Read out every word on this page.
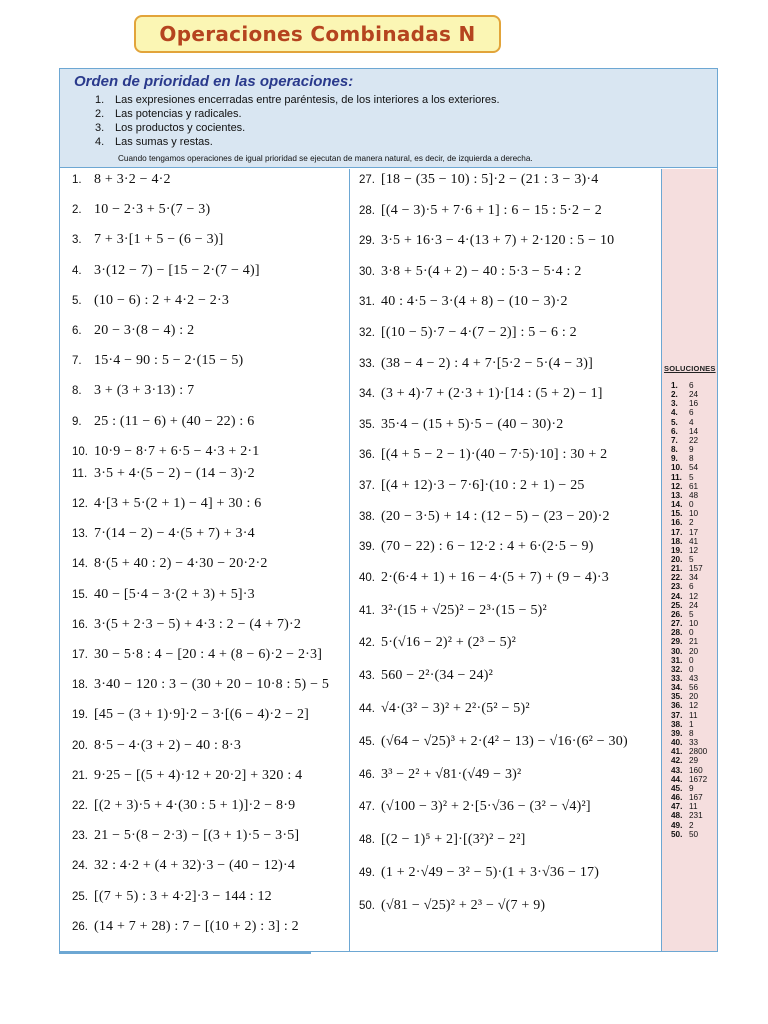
Operaciones Combinadas N
Orden de prioridad en las operaciones:
1. Las expresiones encerradas entre paréntesis, de los interiores a los exteriores.
2. Las potencias y radicales.
3. Los productos y cocientes.
4. Las sumas y restas.
Cuando tengamos operaciones de igual prioridad se ejecutan de manera natural, es decir, de izquierda a derecha.
SOLUCIONES
1.	6
2.	24
3.	16
4.	6
5.	4
6.	14
7.	22
8.	9
9.	8
10. 54
11. 5
12. 61
13. 48
14. 0
15. 10
16. 2
17. 17
18. 41
19. 12
20. 5
21. 157
22. 34
23. 6
24. 12
25. 24
26. 5
27. 10
28. 0
29. 21
30. 20
31. 0
32. 0
33. 43
34. 56
35. 20
36. 12
37. 11
38. 1
39. 8
40. 33
41. 2800
42. 29
43. 160
44. 1672
45. 9
46. 167
47. 11
48. 231
49. 2
50. 50
1. 8 + 3·2 − 4·2
2. 10 − 2·3 + 5·(7 − 3)
3. 7 + 3·[1 + 5 − (6 − 3)]
4. 3·(12 − 7) − [15 − 2·(7 − 4)]
5. (10 − 6) : 2 + 4·2 − 2·3
6. 20 − 3·(8 − 4) : 2
7. 15·4 − 90 : 5 − 2·(15 − 5)
8. 3 + (3 + 3·13) : 7
9. 25 : (11 − 6) + (40 − 22) : 6
10. 10·9 − 8·7 + 6·5 − 4·3 + 2·1
11. 3·5 + 4·(5 − 2) − (14 − 3)·2
12. 4·[3 + 5·(2 + 1) − 4] + 30 : 6
13. 7·(14 − 2) − 4·(5 + 7) + 3·4
14. 8·(5 + 40 : 2) − 4·30 − 20·2·2
15. 40 − [5·4 − 3·(2 + 3) + 5]·3
16. 3·(5 + 2·3 − 5) + 4·3 : 2 − (4 + 7)·2
17. 30 − 5·8 : 4 − [20 : 4 + (8 − 6)·2 − 2·3]
18. 3·40 − 120 : 3 − (30 + 20 − 10·8 : 5) − 5
19. [45 − (3 + 1)·9]·2 − 3·[(6 − 4)·2 − 2]
20. 8·5 − 4·(3 + 2) − 40 : 8·3
21. 9·25 − [(5 + 4)·12 + 20·2] + 320 : 4
22. [(2 + 3)·5 + 4·(30 : 5 + 1)]·2 − 8·9
23. 21 − 5·(8 − 2·3) − [(3 + 1)·5 − 3·5]
24. 32 : 4·2 + (4 + 32)·3 − (40 − 12)·4
25. [(7 + 5) : 3 + 4·2]·3 − 144 : 12
26. (14 + 7 + 28) : 7 − [(10 + 2) : 3] : 2
27. [18 − (35 − 10) : 5]·2 − (21 : 3 − 3)·4
28. [(4 − 3)·5 + 7·6 + 1] : 6 − 15 : 5·2 − 2
29. 3·5 + 16·3 − 4·(13 + 7) + 2·120 : 5 − 10
30. 3·8 + 5·(4 + 2) − 40 : 5·3 − 5·4 : 2
31. 40 : 4·5 − 3·(4 + 8) − (10 − 3)·2
32. [(10 − 5)·7 − 4·(7 − 2)] : 5 − 6 : 2
33. (38 − 4 − 2) : 4 + 7·[5·2 − 5·(4 − 3)]
34. (3 + 4)·7 + (2·3 + 1)·[14 : (5 + 2) − 1]
35. 35·4 − (15 + 5)·5 − (40 − 30)·2
36. [(4 + 5 − 2 − 1)·(40 − 7·5)·10] : 30 + 2
37. [(4 + 12)·3 − 7·6]·(10 : 2 + 1) − 25
38. (20 − 3·5) + 14 : (12 − 5) − (23 − 20)·2
39. (70 − 22) : 6 − 12·2 : 4 + 6·(2·5 − 9)
40. 2·(6·4 + 1) + 16 − 4·(5 + 7) + (9 − 4)·3
41. 3²·(15 + √25)² − 2³·(15 − 5)²
42. 5·(√16 − 2)² + (2³ − 5)²
43. 560 − 2²·(34 − 24)²
44. √4·(3² − 3)² + 2²·(5² − 5)²
45. (√64 − √25)³ + 2·(4² − 13) − √16·(6² − 30)
46. 3³ − 2² + √81·(√49 − 3)²
47. (√100 − 3)² + 2·[5·√36 − (3² − √4)²]
48. [(2 − 1)⁵ + 2]·[(3²)² − 2²]
49. (1 + 2·√49 − 3² − 5)·(1 + 3·√36 − 17)
50. (√81 − √25)² + 2³ − √(7 + 9)
